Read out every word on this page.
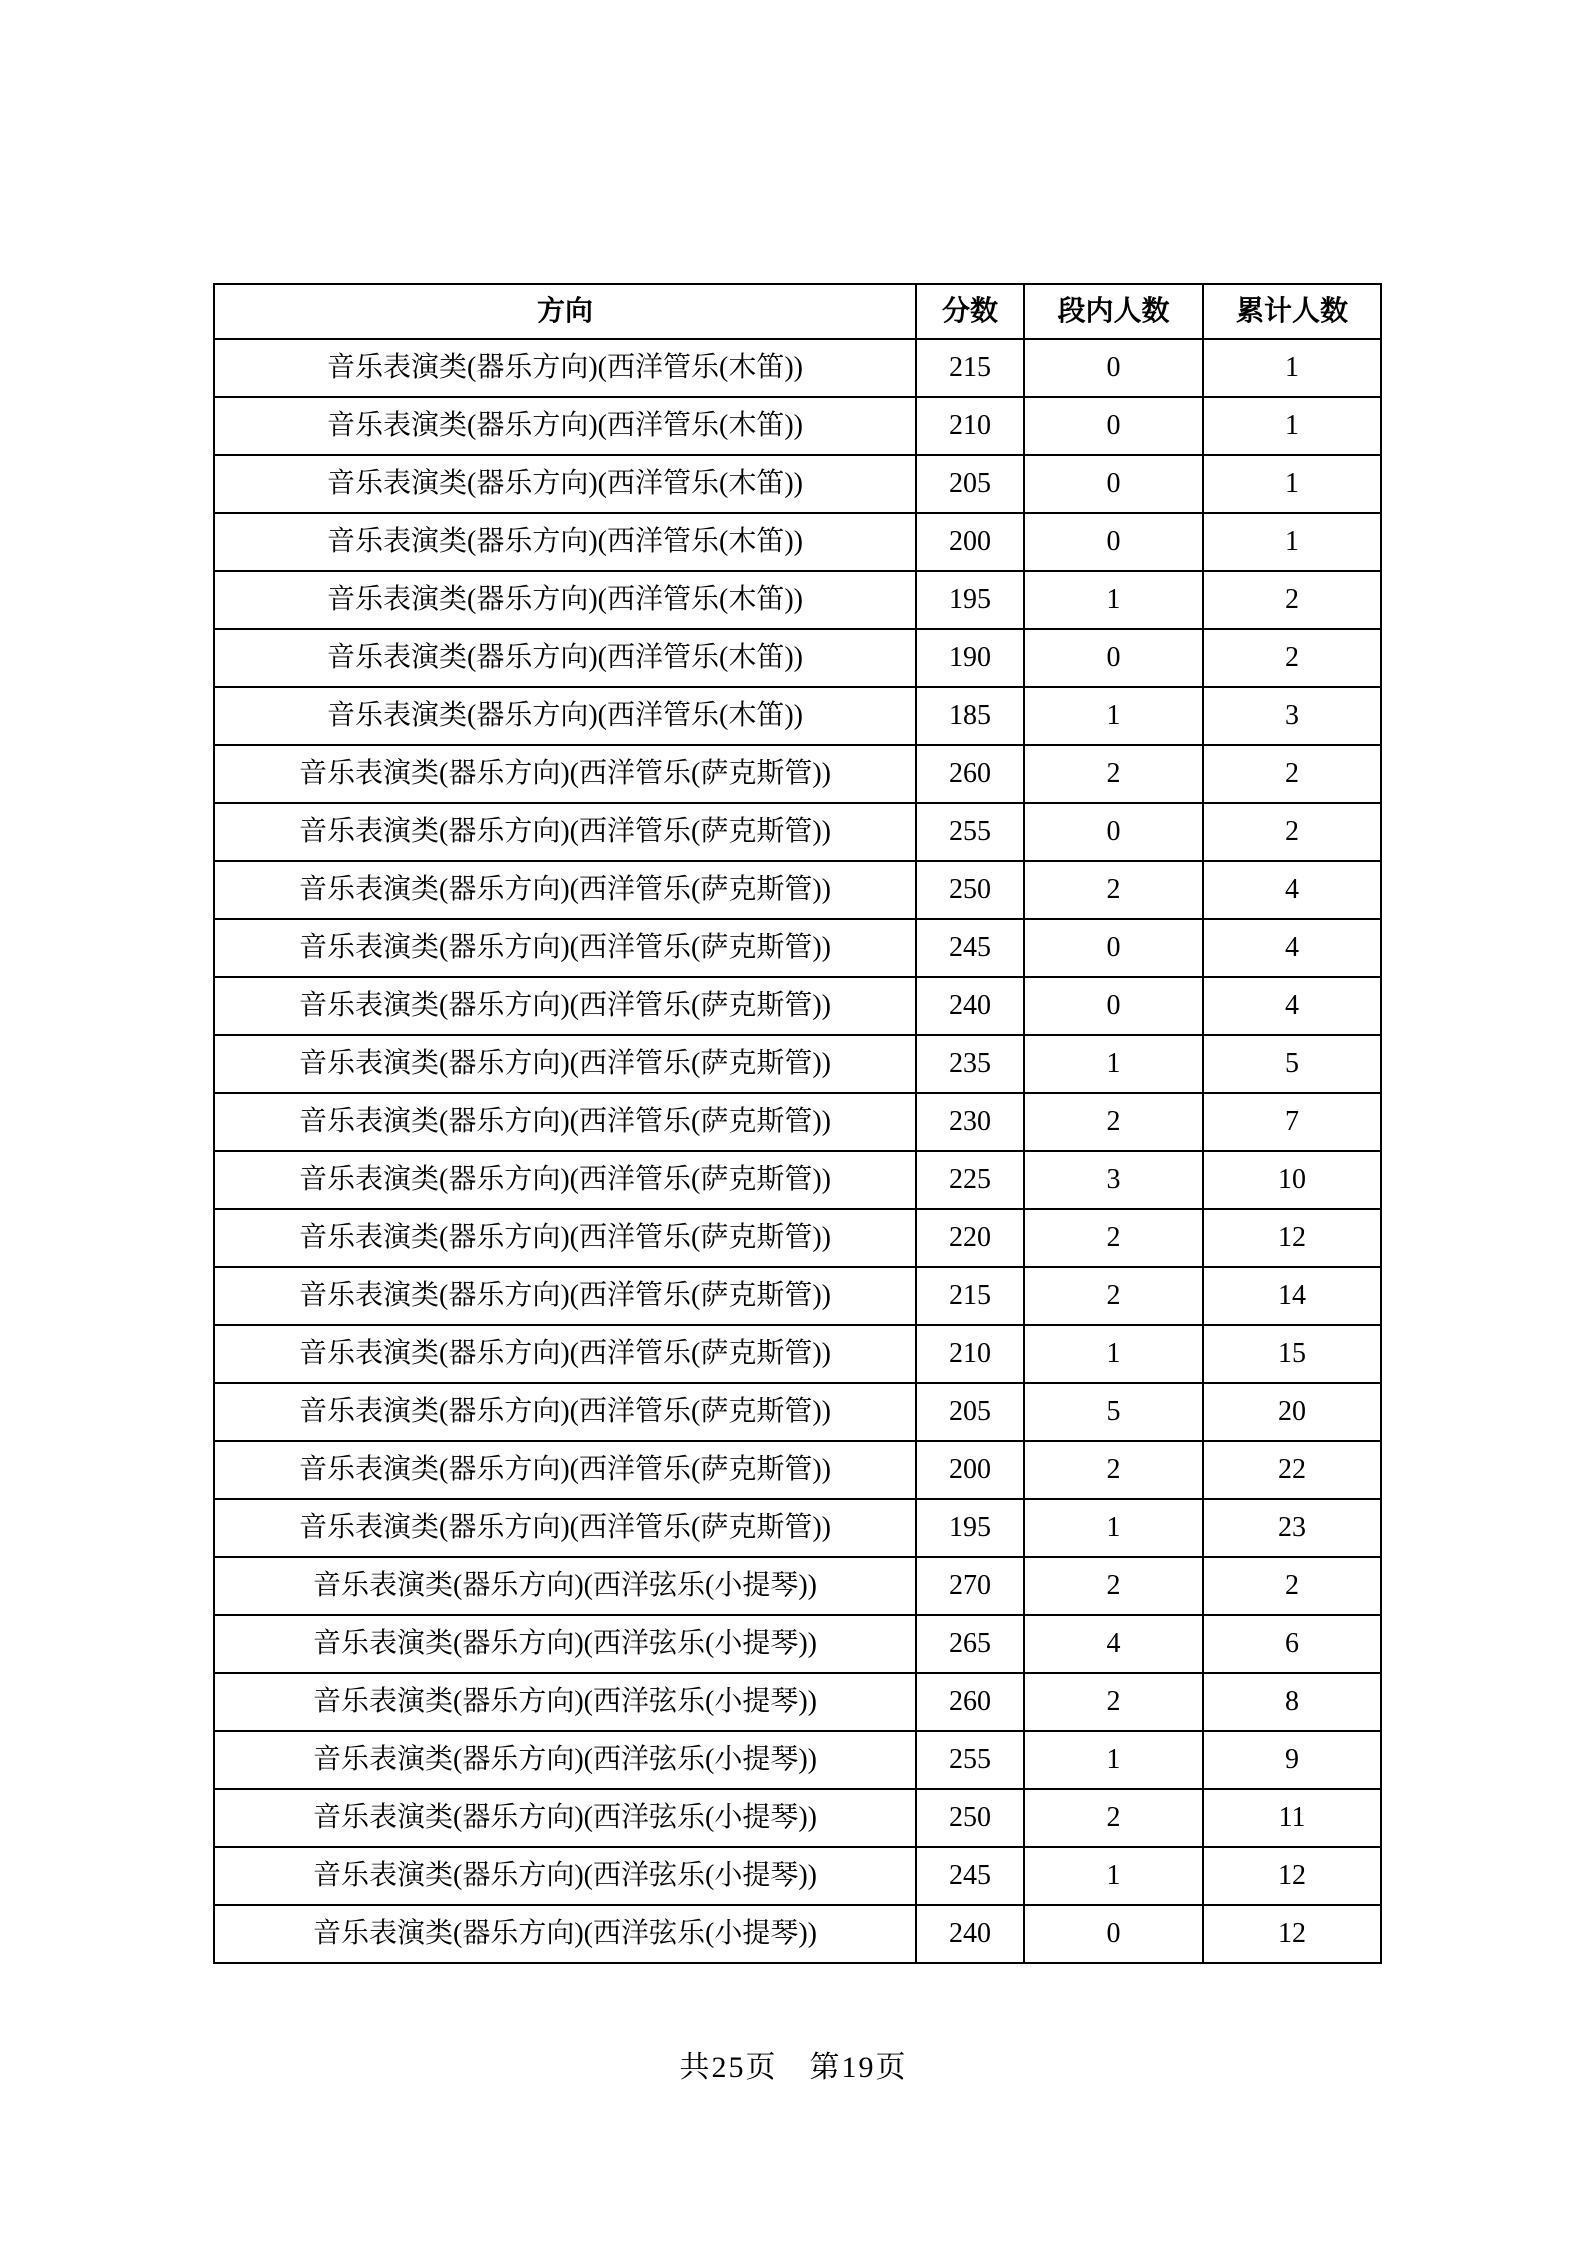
方向	分数	段内人数	累计人数
音乐表演类(器乐方向)(西洋管乐(木笛))	215	0	1
音乐表演类(器乐方向)(西洋管乐(木笛))	210	0	1
音乐表演类(器乐方向)(西洋管乐(木笛))	205	0	1
音乐表演类(器乐方向)(西洋管乐(木笛))	200	0	1
音乐表演类(器乐方向)(西洋管乐(木笛))	195	1	2
音乐表演类(器乐方向)(西洋管乐(木笛))	190	0	2
音乐表演类(器乐方向)(西洋管乐(木笛))	185	1	3
音乐表演类(器乐方向)(西洋管乐(萨克斯管))	260	2	2
音乐表演类(器乐方向)(西洋管乐(萨克斯管))	255	0	2
音乐表演类(器乐方向)(西洋管乐(萨克斯管))	250	2	4
音乐表演类(器乐方向)(西洋管乐(萨克斯管))	245	0	4
音乐表演类(器乐方向)(西洋管乐(萨克斯管))	240	0	4
音乐表演类(器乐方向)(西洋管乐(萨克斯管))	235	1	5
音乐表演类(器乐方向)(西洋管乐(萨克斯管))	230	2	7
音乐表演类(器乐方向)(西洋管乐(萨克斯管))	225	3	10
音乐表演类(器乐方向)(西洋管乐(萨克斯管))	220	2	12
音乐表演类(器乐方向)(西洋管乐(萨克斯管))	215	2	14
音乐表演类(器乐方向)(西洋管乐(萨克斯管))	210	1	15
音乐表演类(器乐方向)(西洋管乐(萨克斯管))	205	5	20
音乐表演类(器乐方向)(西洋管乐(萨克斯管))	200	2	22
音乐表演类(器乐方向)(西洋管乐(萨克斯管))	195	1	23
音乐表演类(器乐方向)(西洋弦乐(小提琴))	270	2	2
音乐表演类(器乐方向)(西洋弦乐(小提琴))	265	4	6
音乐表演类(器乐方向)(西洋弦乐(小提琴))	260	2	8
音乐表演类(器乐方向)(西洋弦乐(小提琴))	255	1	9
音乐表演类(器乐方向)(西洋弦乐(小提琴))	250	2	11
音乐表演类(器乐方向)(西洋弦乐(小提琴))	245	1	12
音乐表演类(器乐方向)(西洋弦乐(小提琴))	240	0	12
共25页　第19页
